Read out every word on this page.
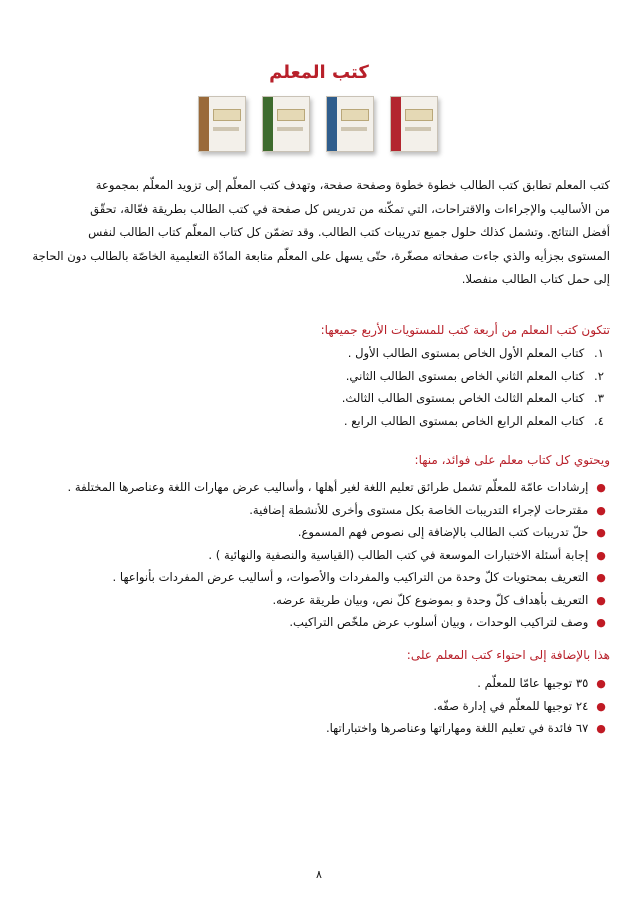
كتب المعلم
كتب المعلم تطابق كتب الطالب خطوة خطوة وصفحة صفحة، وتهدف كتب المعلّم إلى تزويد المعلّم بمجموعة
من الأساليب والإجراءات والاقتراحات، التي تمكّنه من تدريس كل صفحة في كتب الطالب بطريقة فعّالة، تحقّق
أفضل النتائج. وتشمل كذلك حلول جميع تدريبات كتب الطالب. وقد تضمّن كل كتاب المعلّم كتاب الطالب لنفس
المستوى بجزأيه والذي جاءت صفحاته مصغّرة، حتّى يسهل على المعلّم متابعة المادّة التعليمية الخاصّة بالطالب دون الحاجة
إلى حمل كتاب الطالب منفصلا.
تتكون كتب المعلم من أربعة كتب للمستويات الأربع جميعها:
١. كتاب المعلم الأول الخاص بمستوى الطالب الأول .
٢. كتاب المعلم الثاني الخاص بمستوى الطالب الثاني.
٣. كتاب المعلم الثالث الخاص بمستوى الطالب الثالث.
٤. كتاب المعلم الرابع الخاص بمستوى الطالب الرابع .
ويحتوي كل كتاب معلم على فوائد، منها:
● إرشادات عامّة للمعلّم تشمل طرائق تعليم اللغة لغير أهلها ، وأساليب عرض مهارات اللغة وعناصرها المختلفة .
● مقترحات لإجراء التدريبات الخاصة بكل مستوى وأخرى للأنشطة إضافية.
● حلّ تدريبات كتب الطالب بالإضافة إلى نصوص فهم المسموع.
● إجابة أسئلة الاختبارات الموسعة في كتب الطالب (القياسية والنصفية والنهائية ) .
● التعريف بمحتويات كلّ وحدة من التراكيب والمفردات والأصوات، و أساليب عرض المفردات بأنواعها .
● التعريف بأهداف كلّ وحدة و بموضوع كلّ نص، وبيان طريقة عرضه.
● وصف لتراكيب الوحدات ، وبيان أسلوب عرض ملخّص التراكيب.
هذا بالإضافة إلى احتواء كتب المعلم على:
● ٣٥ توجيها عامّا للمعلّم .
● ٢٤ توجيها للمعلّم في إدارة صفّه.
● ٦٧ فائدة في تعليم اللغة ومهاراتها وعناصرها واختباراتها.
٨
